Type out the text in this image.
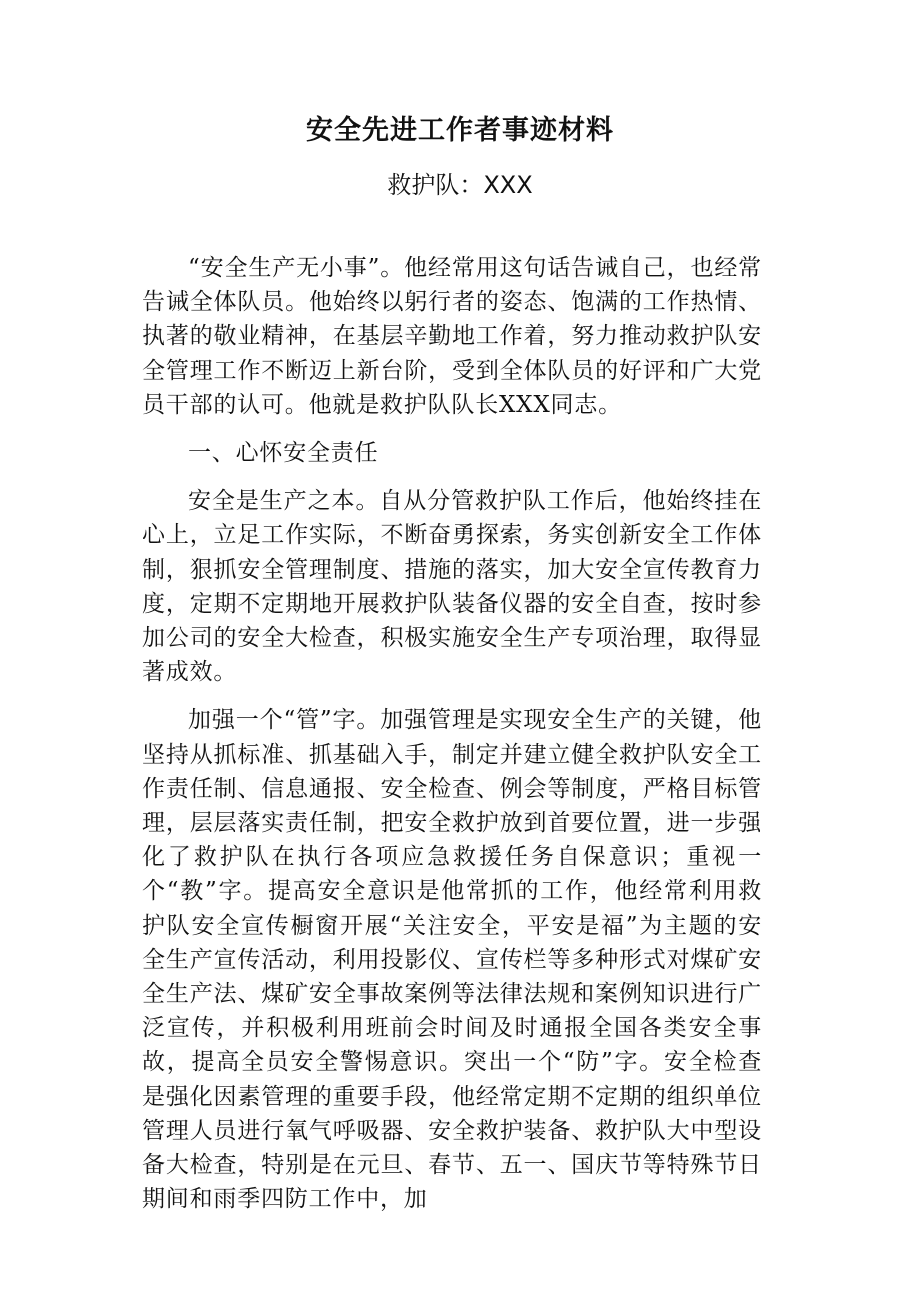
安全先进工作者事迹材料
救护队：XXX

“安全生产无小事”。他经常用这句话告诫自己，也经常告诫全体队员。他始终以躬行者的姿态、饱满的工作热情、执著的敬业精神，在基层辛勤地工作着，努力推动救护队安全管理工作不断迈上新台阶，受到全体队员的好评和广大党员干部的认可。他就是救护队队长XXX同志。

一、心怀安全责任

安全是生产之本。自从分管救护队工作后，他始终挂在心上，立足工作实际，不断奋勇探索，务实创新安全工作体制，狠抓安全管理制度、措施的落实，加大安全宣传教育力度，定期不定期地开展救护队装备仪器的安全自查，按时参加公司的安全大检查，积极实施安全生产专项治理，取得显著成效。

加强一个“管”字。加强管理是实现安全生产的关键，他坚持从抓标准、抓基础入手，制定并建立健全救护队安全工作责任制、信息通报、安全检查、例会等制度，严格目标管理，层层落实责任制，把安全救护放到首要位置，进一步强化了救护队在执行各项应急救援任务自保意识；重视一个“教”字。提高安全意识是他常抓的工作，他经常利用救护队安全宣传橱窗开展“关注安全，平安是福”为主题的安全生产宣传活动，利用投影仪、宣传栏等多种形式对煤矿安全生产法、煤矿安全事故案例等法律法规和案例知识进行广泛宣传，并积极利用班前会时间及时通报全国各类安全事故，提高全员安全警惕意识。突出一个“防”字。安全检查是强化因素管理的重要手段，他经常定期不定期的组织单位管理人员进行氧气呼吸器、安全救护装备、救护队大中型设备大检查，特别是在元旦、春节、五一、国庆节等特殊节日期间和雨季四防工作中，加
